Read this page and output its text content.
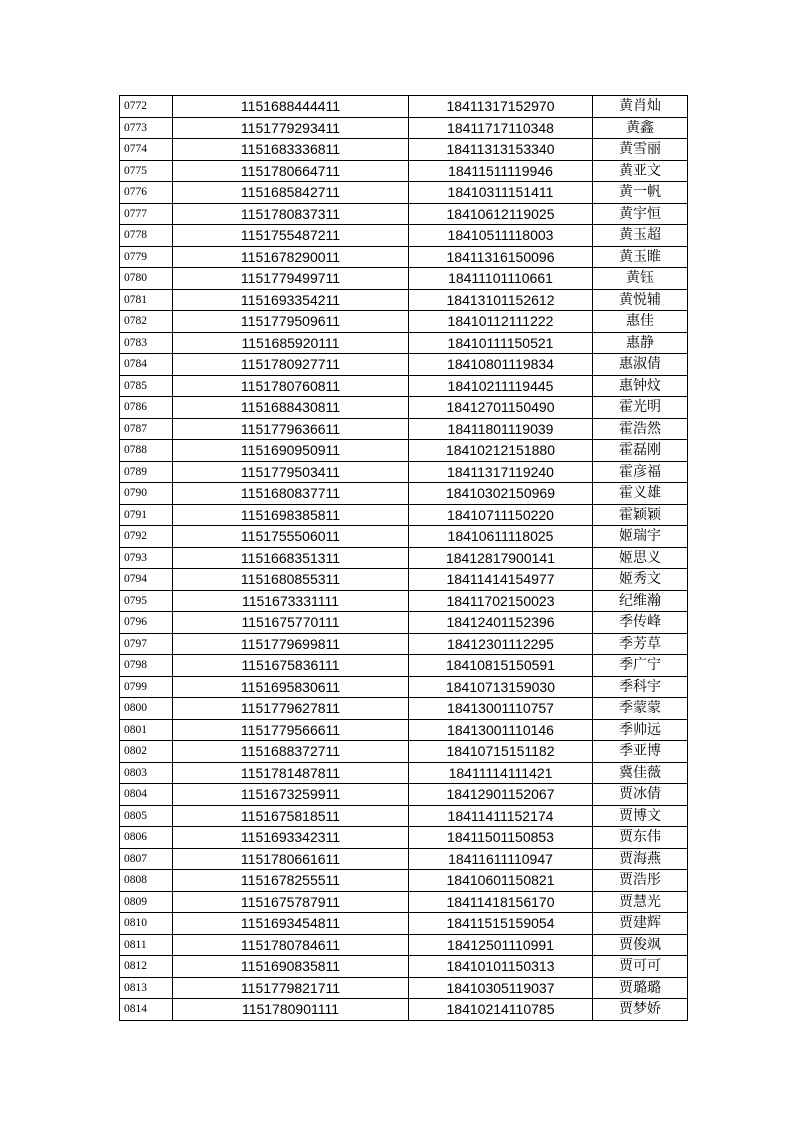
0772	1151688444411	18411317152970	黄肖灿
0773	1151779293411	18411717110348	黄鑫
0774	1151683336811	18411313153340	黄雪丽
0775	1151780664711	18411511119946	黄亚文
0776	1151685842711	18410311151411	黄一帆
0777	1151780837311	18410612119025	黄宇恒
0778	1151755487211	18410511118003	黄玉超
0779	1151678290011	18411316150096	黄玉睢
0780	1151779499711	18411101110661	黄钰
0781	1151693354211	18413101152612	黄悦辅
0782	1151779509611	18410112111222	惠佳
0783	1151685920111	18410111150521	惠静
0784	1151780927711	18410801119834	惠淑倩
0785	1151780760811	18410211119445	惠钟炆
0786	1151688430811	18412701150490	霍光明
0787	1151779636611	18411801119039	霍浩然
0788	1151690950911	18410212151880	霍磊刚
0789	1151779503411	18411317119240	霍彦福
0790	1151680837711	18410302150969	霍义雄
0791	1151698385811	18410711150220	霍颖颖
0792	1151755506011	18410611118025	姬瑞宇
0793	1151668351311	18412817900141	姬思义
0794	1151680855311	18411414154977	姬秀文
0795	1151673331111	18411702150023	纪维瀚
0796	1151675770111	18412401152396	季传峰
0797	1151779699811	18412301112295	季芳草
0798	1151675836111	18410815150591	季广宁
0799	1151695830611	18410713159030	季科宇
0800	1151779627811	18413001110757	季蒙蒙
0801	1151779566611	18413001110146	季帅远
0802	1151688372711	18410715151182	季亚博
0803	1151781487811	18411114111421	冀佳薇
0804	1151673259911	18412901152067	贾冰倩
0805	1151675818511	18411411152174	贾博文
0806	1151693342311	18411501150853	贾东伟
0807	1151780661611	18411611110947	贾海燕
0808	1151678255511	18410601150821	贾浩彤
0809	1151675787911	18411418156170	贾慧光
0810	1151693454811	18411515159054	贾建辉
0811	1151780784611	18412501110991	贾俊飒
0812	1151690835811	18410101150313	贾可可
0813	1151779821711	18410305119037	贾璐璐
0814	1151780901111	18410214110785	贾梦娇
